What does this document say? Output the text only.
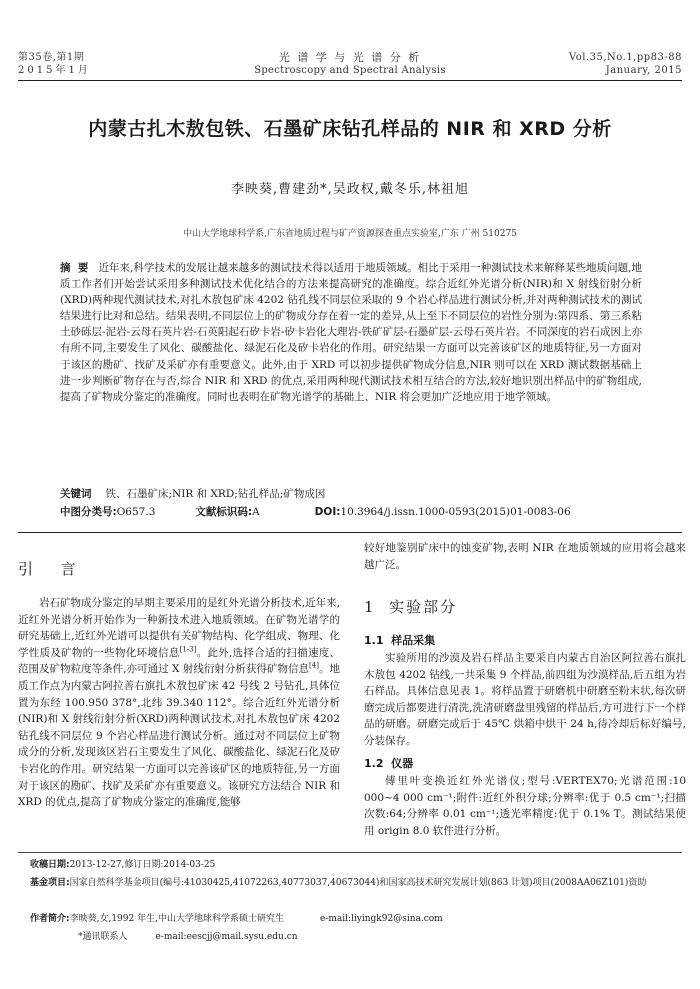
第35卷,第1期
2015年1月
光 谱 学 与 光 谱 分 析
Spectroscopy and Spectral Analysis
Vol.35,No.1,pp83-88
January, 2015
内蒙古扎木敖包铁、石墨矿床钻孔样品的 NIR 和 XRD 分析
李映葵,曹建劲*,吴政权,戴冬乐,林祖旭
中山大学地球科学系,广东省地质过程与矿产资源探查重点实验室,广东 广州 510275
摘  要 近年来,科学技术的发展让越来越多的测试技术得以适用于地质领域。相比于采用一种测试技术来解释某些地质问题,地质工作者们开始尝试采用多种测试技术优化结合的方法来提高研究的准确度。综合近红外光谱分析(NIR)和 X 射线衍射分析(XRD)两种现代测试技术,对扎木敖包矿床 4202 钻孔线不同层位采取的 9 个岩心样品进行测试分析,并对两种测试技术的测试结果进行比对和总结。结果表明,不同层位上的矿物成分存在着一定的差异,从上至下不同层位的岩性分别为:第四系、第三系粘土砂砾层-泥岩-云母石英片岩-石英阳起石矽卡岩-矽卡岩化大理岩-铁矿矿层-石墨矿层-云母石英片岩。不同深度的岩石成因上亦有所不同,主要发生了风化、碳酸盐化、绿泥石化及矽卡岩化的作用。研究结果一方面可以完善该矿区的地质特征,另一方面对于该区的勘矿、找矿及采矿亦有重要意义。此外,由于 XRD 可以初步提供矿物成分信息,NIR 则可以在 XRD 测试数据基础上进一步判断矿物存在与否,综合 NIR 和 XRD 的优点,采用两种现代测试技术相互结合的方法,较好地识别出样品中的矿物组成,提高了矿物成分鉴定的准确度。同时也表明在矿物光谱学的基础上、NIR 将会更加广泛地应用于地学领域。
关键词 铁、石墨矿床;NIR 和 XRD;钻孔样品;矿物成因
中图分类号:O657.3	文献标识码:A	DOI:10.3964/j.issn.1000-0593(2015)01-0083-06
引  言

岩石矿物成分鉴定的早期主要采用的是红外光谱分析技术,近年来,近红外光谱分析开始作为一种新技术进入地质领域。在矿物光谱学的研究基础上,近红外光谱可以提供有关矿物结构、化学组成、物理、化学性质及矿物的一些物化环境信息[1-3]。此外,选择合适的扫描速度、范围及矿物粒度等条件,亦可通过 X 射线衍射分析获得矿物信息[4]。地质工作点为内蒙古阿拉善右旗扎木敖包矿床 42 号线 2 号钻孔,具体位置为东经 100.950 378°,北纬 39.340 112°。综合近红外光谱分析(NIR)和 X 射线衍射分析(XRD)两种测试技术,对扎木敖包矿床 4202 钻孔线不同层位 9 个岩心样品进行测试分析。通过对不同层位上矿物成分的分析,发现该区岩石主要发生了风化、碳酸盐化、绿泥石化及矽卡岩化的作用。研究结果一方面可以完善该矿区的地质特征,另一方面对于该区的勘矿、找矿及采矿亦有重要意义。该研究方法结合 NIR 和 XRD 的优点,提高了矿物成分鉴定的准确度,能够

较好地鉴别矿床中的蚀变矿物,表明 NIR 在地质领域的应用将会越来越广泛。

1  实验部分
1.1  样品采集

实验所用的沙漠及岩石样品主要采自内蒙古自治区阿拉善右旗扎木敖包 4202 钻线,一共采集 9 个样品,前四组为沙漠样品,后五组为岩石样品。具体信息见表 1。将样品置于研磨机中研磨至粉末状,每次研磨完成后都要进行清洗,洗清研磨盘里残留的样品后,方可进行下一个样品的研磨。研磨完成后于 45℃ 烘箱中烘干 24 h,待冷却后标好编号,分装保存。

1.2  仪器

傅里叶变换近红外光谱仪;型号:VERTEX70;光谱范围:10 000~4 000 cm⁻¹;附件:近红外积分球;分辨率:优于 0.5 cm⁻¹;扫描次数:64;分辨率 0.01 cm⁻¹;透光率精度:优于 0.1% T。测试结果使用 origin 8.0 软件进行分析。

收稿日期:2013-12-27,修订日期:2014-03-25
基金项目:国家自然科学基金项目(编号:41030425,41072263,40773037,40673044)和国家高技术研究发展计划(863 计划)项目(2008AA06Z101)资助
作者简介:李映葵,女,1992 年生,中山大学地球科学系硕士研究生	e-mail:liyingk92@sina.com
*通讯联系人	e-mail:eescjj@mail.sysu.edu.cn
